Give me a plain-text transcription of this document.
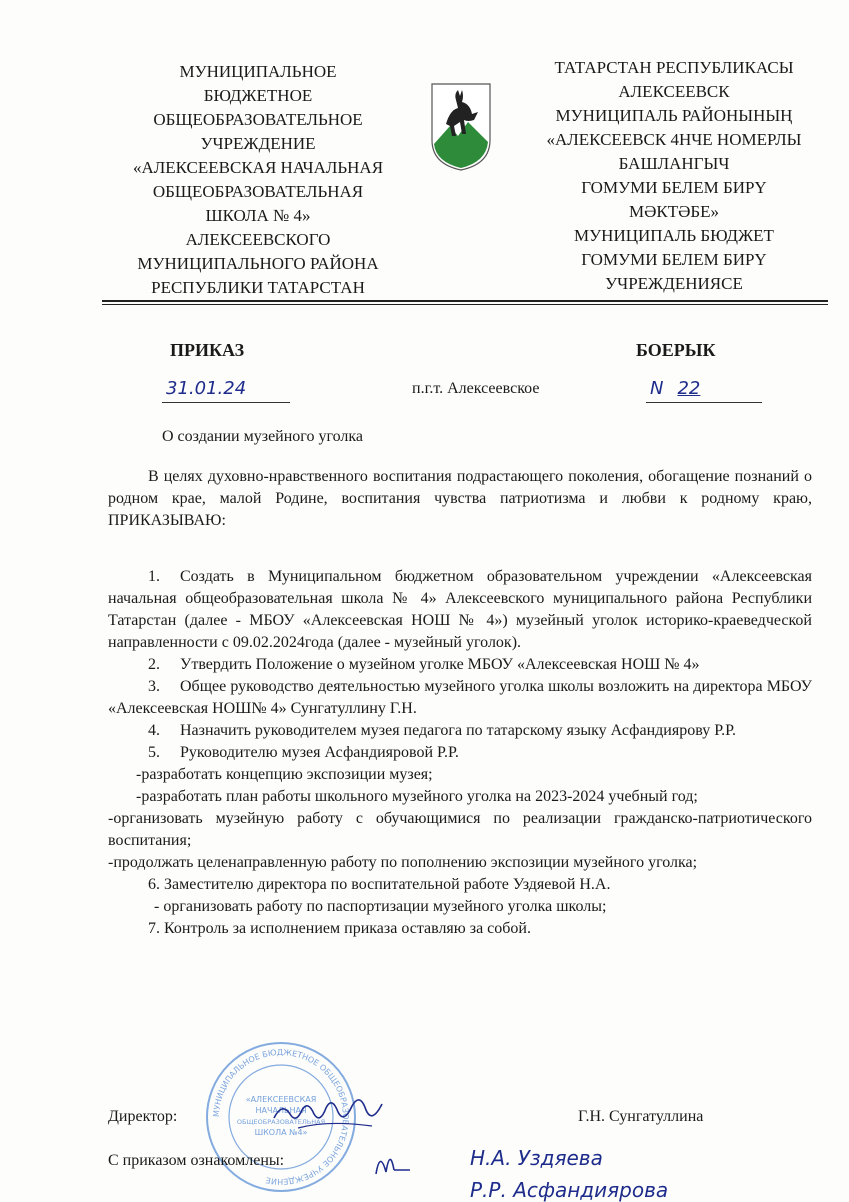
МУНИЦИПАЛЬНОЕ
БЮДЖЕТНОЕ
ОБЩЕОБРАЗОВАТЕЛЬНОЕ
УЧРЕЖДЕНИЕ
«АЛЕКСЕЕВСКАЯ НАЧАЛЬНАЯ
ОБЩЕОБРАЗОВАТЕЛЬНАЯ
ШКОЛА № 4»
АЛЕКСЕЕВСКОГО
МУНИЦИПАЛЬНОГО РАЙОНА
РЕСПУБЛИКИ ТАТАРСТАН
ТАТАРСТАН РЕСПУБЛИКАСЫ
АЛЕКСЕЕВСК
МУНИЦИПАЛЬ РАЙОНЫНЫҢ
«АЛЕКСЕЕВСК 4НЧЕ НОМЕРЛЫ
БАШЛАНГЫЧ
ГОМУМИ БЕЛЕМ БИРҮ
МӘКТӘБЕ»
МУНИЦИПАЛЬ БЮДЖЕТ
ГОМУМИ БЕЛЕМ БИРҮ
УЧРЕЖДЕНИЯСЕ
ПРИКАЗ	БОЕРЫК
31.01.24	п.г.т. Алексеевское	N 22
О создании музейного уголка

В целях духовно-нравственного воспитания подрастающего поколения, обогащение познаний о родном крае, малой Родине, воспитания чувства патриотизма и любви к родному краю, ПРИКАЗЫВАЮ:

1. Создать в Муниципальном бюджетном образовательном учреждении «Алексеевская начальная общеобразовательная школа № 4» Алексеевского муниципального района Республики Татарстан (далее - МБОУ «Алексеевская НОШ № 4») музейный уголок историко-краеведческой направленности с 09.02.2024года (далее - музейный уголок).

2. Утвердить Положение о музейном уголке МБОУ «Алексеевская НОШ № 4»

3. Общее руководство деятельностью музейного уголка школы возложить на директора МБОУ «Алексеевская НОШ№ 4» Сунгатуллину Г.Н.

4. Назначить руководителем музея педагога по татарскому языку Асфандиярову Р.Р.

5. Руководителю музея Асфандияровой Р.Р.

-разработать концепцию экспозиции музея;

-разработать план работы школьного музейного уголка на 2023-2024 учебный год;

-организовать музейную работу с обучающимися по реализации гражданско-патриотического воспитания;

-продолжать целенаправленную работу по пополнению экспозиции музейного уголка;

6. Заместителю директора по воспитательной работе Уздяевой Н.А.

- организовать работу по паспортизации музейного уголка школы;

7. Контроль за исполнением приказа оставляю за собой.

МУНИЦИПАЛЬНОЕ БЮДЖЕТНОЕ ОБЩЕОБРАЗОВАТЕЛЬНОЕ УЧРЕЖДЕНИЕ
«АЛЕКСЕЕВСКАЯ
НАЧАЛЬНАЯ
ОБЩЕОБРАЗОВАТЕЛЬНАЯ
ШКОЛА №4»
Директор:	Г.Н. Сунгатуллина
С приказом ознакомлены:	Н.А. Уздяева
Р.Р. Асфандиярова
